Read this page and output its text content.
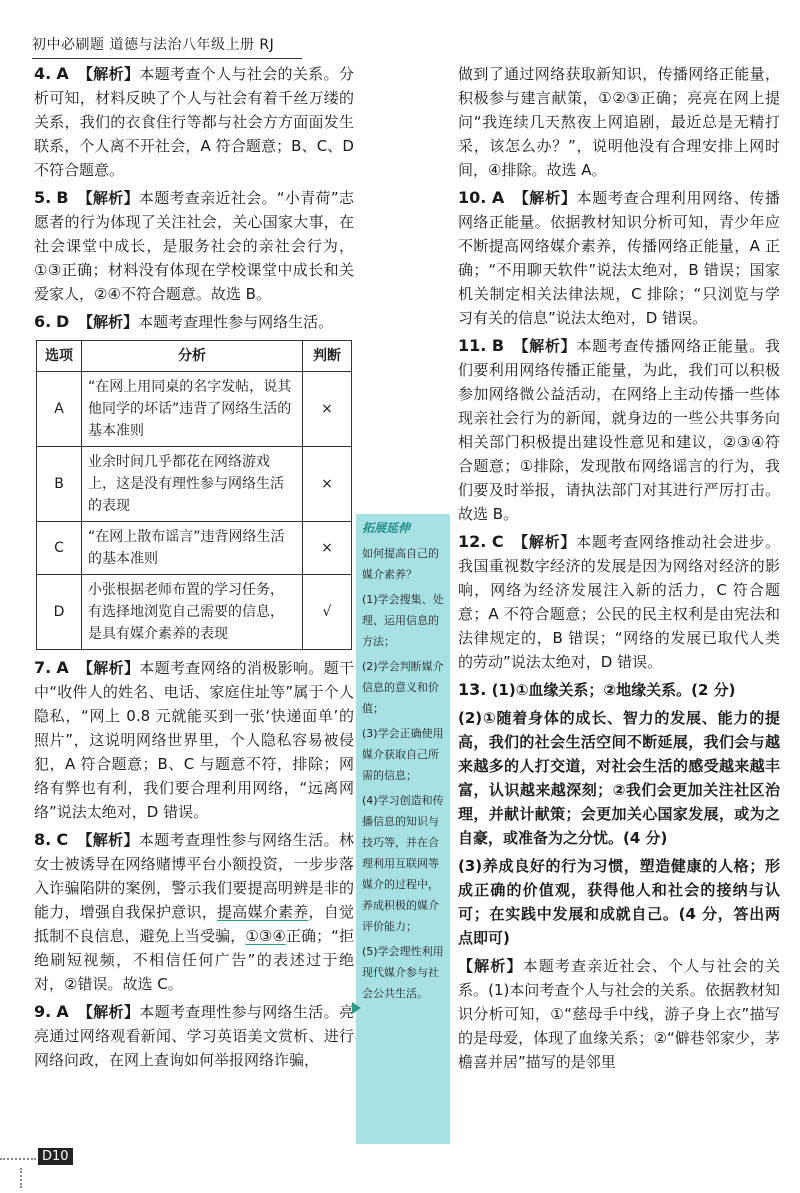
初中必刷题 道德与法治八年级上册 RJ

4. A 【解析】本题考查个人与社会的关系。分析可知，材料反映了个人与社会有着千丝万缕的关系，我们的衣食住行等都与社会方方面面发生联系，个人离不开社会，A 符合题意；B、C、D 不符合题意。

5. B 【解析】本题考查亲近社会。“小青荷”志愿者的行为体现了关注社会，关心国家大事，在社会课堂中成长，是服务社会的亲社会行为，①③正确；材料没有体现在学校课堂中成长和关爱家人，②④不符合题意。故选 B。

6. D 【解析】本题考查理性参与网络生活。

选项	分析	判断
A	“在网上用同桌的名字发帖，说其他同学的坏话”违背了网络生活的基本准则	×
B	业余时间几乎都花在网络游戏上，这是没有理性参与网络生活的表现	×
C	“在网上散布谣言”违背网络生活的基本准则	×
D	小张根据老师布置的学习任务，有选择地浏览自己需要的信息，是具有媒介素养的表现	√

7. A 【解析】本题考查网络的消极影响。题干中“收件人的姓名、电话、家庭住址等”属于个人隐私，“网上 0.8 元就能买到一张‘快递面单’的照片”，这说明网络世界里，个人隐私容易被侵犯，A 符合题意；B、C 与题意不符，排除；网络有弊也有利，我们要合理利用网络，“远离网络”说法太绝对，D 错误。

8. C 【解析】本题考查理性参与网络生活。林女士被诱导在网络赌博平台小额投资，一步步落入诈骗陷阱的案例，警示我们要提高明辨是非的能力，增强自我保护意识，提高媒介素养，自觉抵制不良信息，避免上当受骗，①③④正确；“拒绝刷短视频，不相信任何广告”的表述过于绝对，②错误。故选 C。

9. A 【解析】本题考查理性参与网络生活。亮亮通过网络观看新闻、学习英语美文赏析、进行网络问政，在网上查询如何举报网络诈骗，

拓展延伸

如何提高自己的媒介素养？

(1)学会搜集、处理、运用信息的方法；

(2)学会判断媒介信息的意义和价值；

(3)学会正确使用媒介获取自己所需的信息；

(4)学习创造和传播信息的知识与技巧等，并在合理利用互联网等媒介的过程中，养成积极的媒介评价能力；

(5)学会理性利用现代媒介参与社会公共生活。

做到了通过网络获取新知识，传播网络正能量，积极参与建言献策，①②③正确；亮亮在网上提问“我连续几天熬夜上网追剧，最近总是无精打采，该怎么办？”，说明他没有合理安排上网时间，④排除。故选 A。

10. A 【解析】本题考查合理利用网络、传播网络正能量。依据教材知识分析可知，青少年应不断提高网络媒介素养，传播网络正能量，A 正确；“不用聊天软件”说法太绝对，B 错误；国家机关制定相关法律法规，C 排除；“只浏览与学习有关的信息”说法太绝对，D 错误。

11. B 【解析】本题考查传播网络正能量。我们要利用网络传播正能量，为此，我们可以积极参加网络微公益活动，在网络上主动传播一些体现亲社会行为的新闻，就身边的一些公共事务向相关部门积极提出建设性意见和建议，②③④符合题意；①排除，发现散布网络谣言的行为，我们要及时举报，请执法部门对其进行严厉打击。故选 B。

12. C 【解析】本题考查网络推动社会进步。我国重视数字经济的发展是因为网络对经济的影响，网络为经济发展注入新的活力，C 符合题意；A 不符合题意；公民的民主权利是由宪法和法律规定的，B 错误；“网络的发展已取代人类的劳动”说法太绝对，D 错误。

13. (1)①血缘关系；②地缘关系。(2 分)

(2)①随着身体的成长、智力的发展、能力的提高，我们的社会生活空间不断延展，我们会与越来越多的人打交道，对社会生活的感受越来越丰富，认识越来越深刻；②我们会更加关注社区治理，并献计献策；会更加关心国家发展，或为之自豪，或准备为之分忧。(4 分)

(3)养成良好的行为习惯，塑造健康的人格；形成正确的价值观，获得他人和社会的接纳与认可；在实践中发展和成就自己。(4 分，答出两点即可)

【解析】本题考查亲近社会、个人与社会的关系。(1)本问考查个人与社会的关系。依据教材知识分析可知，①“慈母手中线，游子身上衣”描写的是母爱，体现了血缘关系；②“僻巷邻家少，茅檐喜并居”描写的是邻里

D10
